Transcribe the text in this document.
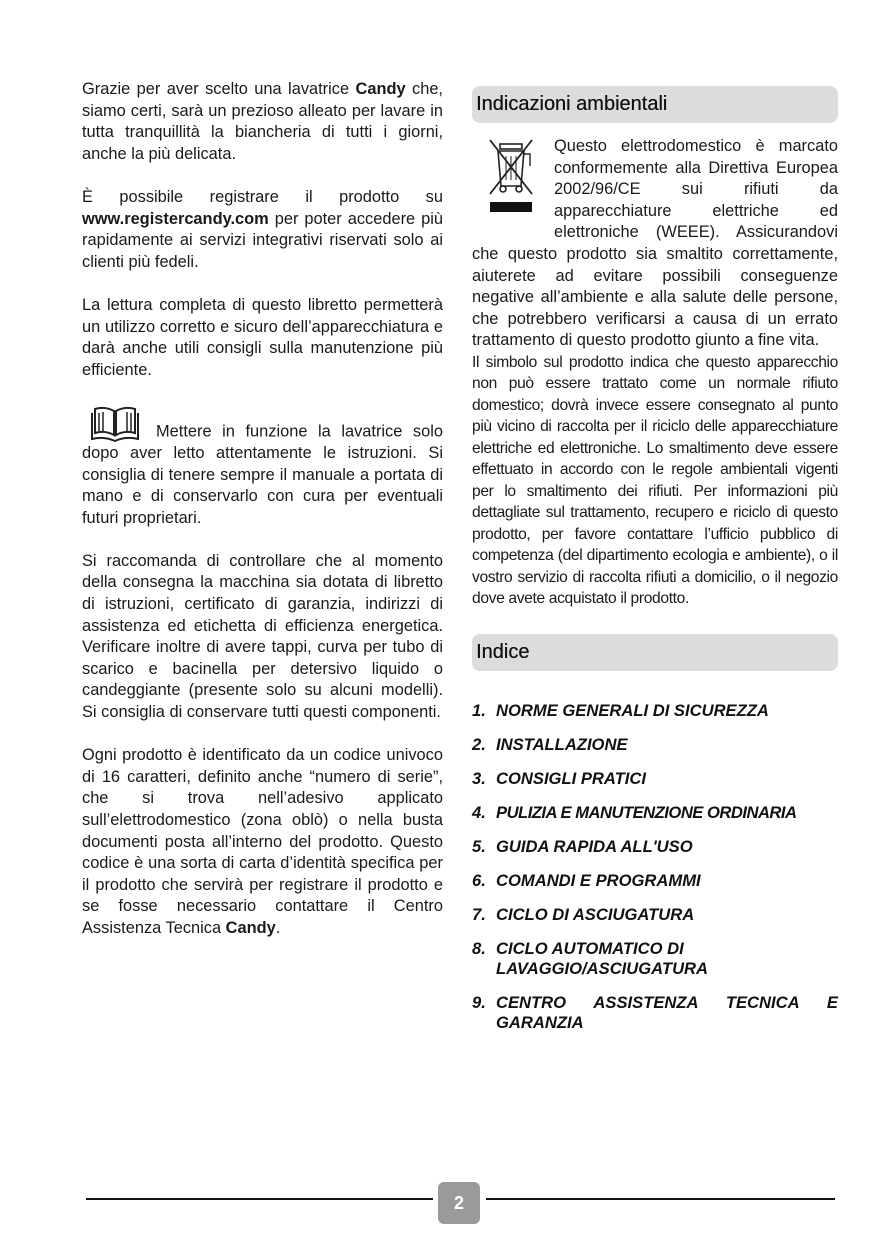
Grazie per aver scelto una lavatrice Candy che, siamo certi, sarà un prezioso alleato per lavare in tutta tranquillità la biancheria di tutti i giorni, anche la più delicata.

È possibile registrare il prodotto su www.registercandy.com per poter accedere più rapidamente ai servizi integrativi riservati solo ai clienti più fedeli.

La lettura completa di questo libretto permetterà un utilizzo corretto e sicuro dell’apparecchiatura e darà anche utili consigli sulla manutenzione più efficiente.

Mettere in funzione la lavatrice solo dopo aver letto attentamente le istruzioni. Si consiglia di tenere sempre il manuale a portata di mano e di conservarlo con cura per eventuali futuri proprietari.

Si raccomanda di controllare che al momento della consegna la macchina sia dotata di libretto di istruzioni, certificato di garanzia, indirizzi di assistenza ed etichetta di efficienza energetica. Verificare inoltre di avere tappi, curva per tubo di scarico e bacinella per detersivo liquido o candeggiante (presente solo su alcuni modelli). Si consiglia di conservare tutti questi componenti.

Ogni prodotto è identificato da un codice univoco di 16 caratteri, definito anche “numero di serie”, che si trova nell’adesivo applicato sull’elettrodomestico (zona oblò) o nella busta documenti posta all’interno del prodotto. Questo codice è una sorta di carta d’identità specifica per il prodotto che servirà per registrare il prodotto e se fosse necessario contattare il Centro Assistenza Tecnica Candy.

Indicazioni ambientali

Questo elettrodomestico è marcato conformemente alla Direttiva Europea 2002/96/CE sui rifiuti da apparecchiature elettriche ed elettroniche (WEEE). Assicurandovi che questo prodotto sia smaltito correttamente, aiuterete ad evitare possibili conseguenze negative all’ambiente e alla salute delle persone, che potrebbero verificarsi a causa di un errato trattamento di questo prodotto giunto a fine vita.

Il simbolo sul prodotto indica che questo apparecchio non può essere trattato come un normale rifiuto domestico; dovrà invece essere consegnato al punto più vicino di raccolta per il riciclo delle apparecchiature elettriche ed elettroniche. Lo smaltimento deve essere effettuato in accordo con le regole ambientali vigenti per lo smaltimento dei rifiuti. Per informazioni più dettagliate sul trattamento, recupero e riciclo di questo prodotto, per favore contattare l’ufficio pubblico di competenza (del dipartimento ecologia e ambiente), o il vostro servizio di raccolta rifiuti a domicilio, o il negozio dove avete acquistato il prodotto.

Indice
1. NORME GENERALI DI SICUREZZA
2. INSTALLAZIONE
3. CONSIGLI PRATICI
4. PULIZIA E MANUTENZIONE ORDINARIA
5. GUIDA RAPIDA ALL'USO
6. COMANDI E PROGRAMMI
7. CICLO DI ASCIUGATURA
8. CICLO AUTOMATICO DI LAVAGGIO/ASCIUGATURA
9. CENTRO ASSISTENZA TECNICA E GARANZIA
2
